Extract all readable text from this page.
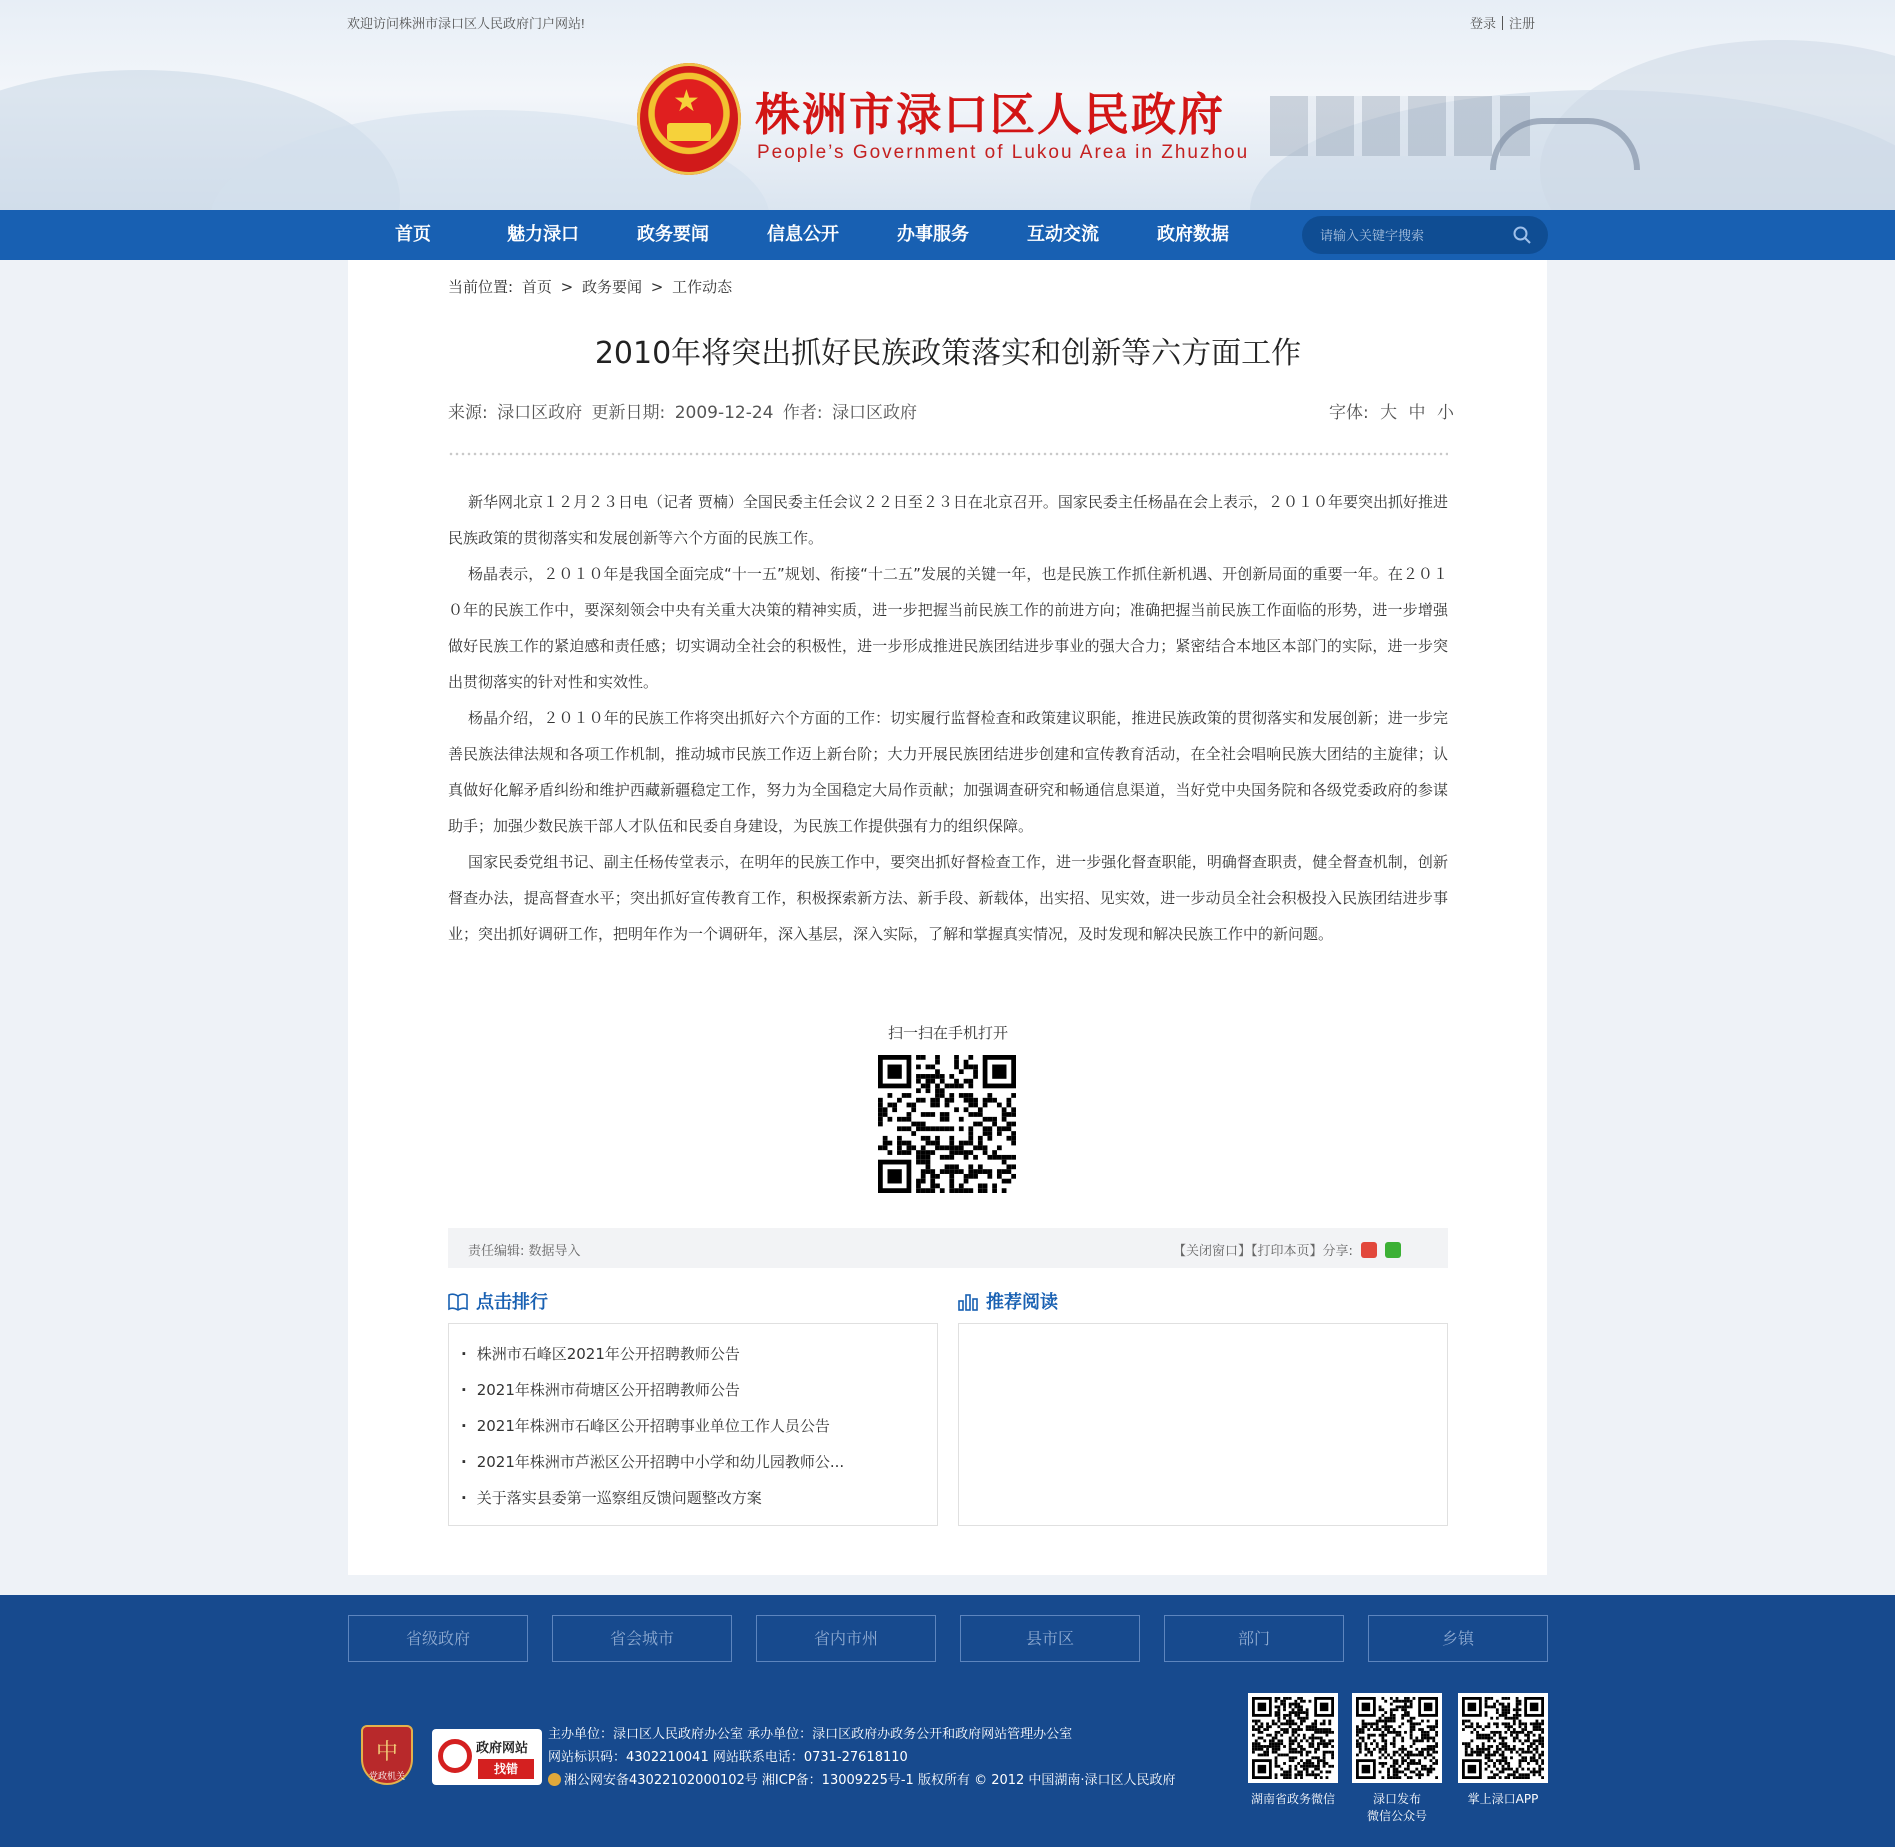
欢迎访问株洲市渌口区人民政府门户网站!	登录 注册
★ 株洲市渌口区人民政府
People’s Government of Lukou Area in Zhuzhou
首页	魅力渌口	政务要闻	信息公开	办事服务	互动交流	政府数据
请输入关键字搜索
当前位置: 首页 > 政务要闻 > 工作动态
2010年将突出抓好民族政策落实和创新等六方面工作
来源: 渌口区政府 更新日期: 2009-12-24 作者: 渌口区政府	字体: 大 中 小

新华网北京１２月２３日电（记者 贾楠）全国民委主任会议２２日至２３日在北京召开。国家民委主任杨晶在会上表示，２０１０年要突出抓好推进民族政策的贯彻落实和发展创新等六个方面的民族工作。

杨晶表示，２０１０年是我国全面完成“十一五”规划、衔接“十二五”发展的关键一年，也是民族工作抓住新机遇、开创新局面的重要一年。在２０１０年的民族工作中，要深刻领会中央有关重大决策的精神实质，进一步把握当前民族工作的前进方向；准确把握当前民族工作面临的形势，进一步增强做好民族工作的紧迫感和责任感；切实调动全社会的积极性，进一步形成推进民族团结进步事业的强大合力；紧密结合本地区本部门的实际，进一步突出贯彻落实的针对性和实效性。

杨晶介绍，２０１０年的民族工作将突出抓好六个方面的工作：切实履行监督检查和政策建议职能，推进民族政策的贯彻落实和发展创新；进一步完善民族法律法规和各项工作机制，推动城市民族工作迈上新台阶；大力开展民族团结进步创建和宣传教育活动，在全社会唱响民族大团结的主旋律；认真做好化解矛盾纠纷和维护西藏新疆稳定工作，努力为全国稳定大局作贡献；加强调查研究和畅通信息渠道，当好党中央国务院和各级党委政府的参谋助手；加强少数民族干部人才队伍和民委自身建设，为民族工作提供强有力的组织保障。

国家民委党组书记、副主任杨传堂表示，在明年的民族工作中，要突出抓好督检查工作，进一步强化督查职能，明确督查职责，健全督查机制，创新督查办法，提高督查水平；突出抓好宣传教育工作，积极探索新方法、新手段、新载体，出实招、见实效，进一步动员全社会积极投入民族团结进步事业；突出抓好调研工作，把明年作为一个调研年，深入基层，深入实际，了解和掌握真实情况，及时发现和解决民族工作中的新问题。

扫一扫在手机打开
责任编辑: 数据导入	【关闭窗口】【打印本页】分享:
点击排行	推荐阅读
· 株洲市石峰区2021年公开招聘教师公告
· 2021年株洲市荷塘区公开招聘教师公告
· 2021年株洲市石峰区公开招聘事业单位工作人员公告
· 2021年株洲市芦淞区公开招聘中小学和幼儿园教师公...
· 关于落实县委第一巡察组反馈问题整改方案
省级政府	省会城市	省内市州	县市区	部门	乡镇
中
党政机关
政府网站
找错
主办单位：渌口区人民政府办公室 承办单位：渌口区政府办政务公开和政府网站管理办公室
网站标识码：4302210041 网站联系电话：0731-27618110
湘公网安备43022102000102号 湘ICP备：13009225号-1 版权所有 © 2012 中国湖南·渌口区人民政府
湖南省政务微信	渌口发布
微信公众号
掌上渌口APP
